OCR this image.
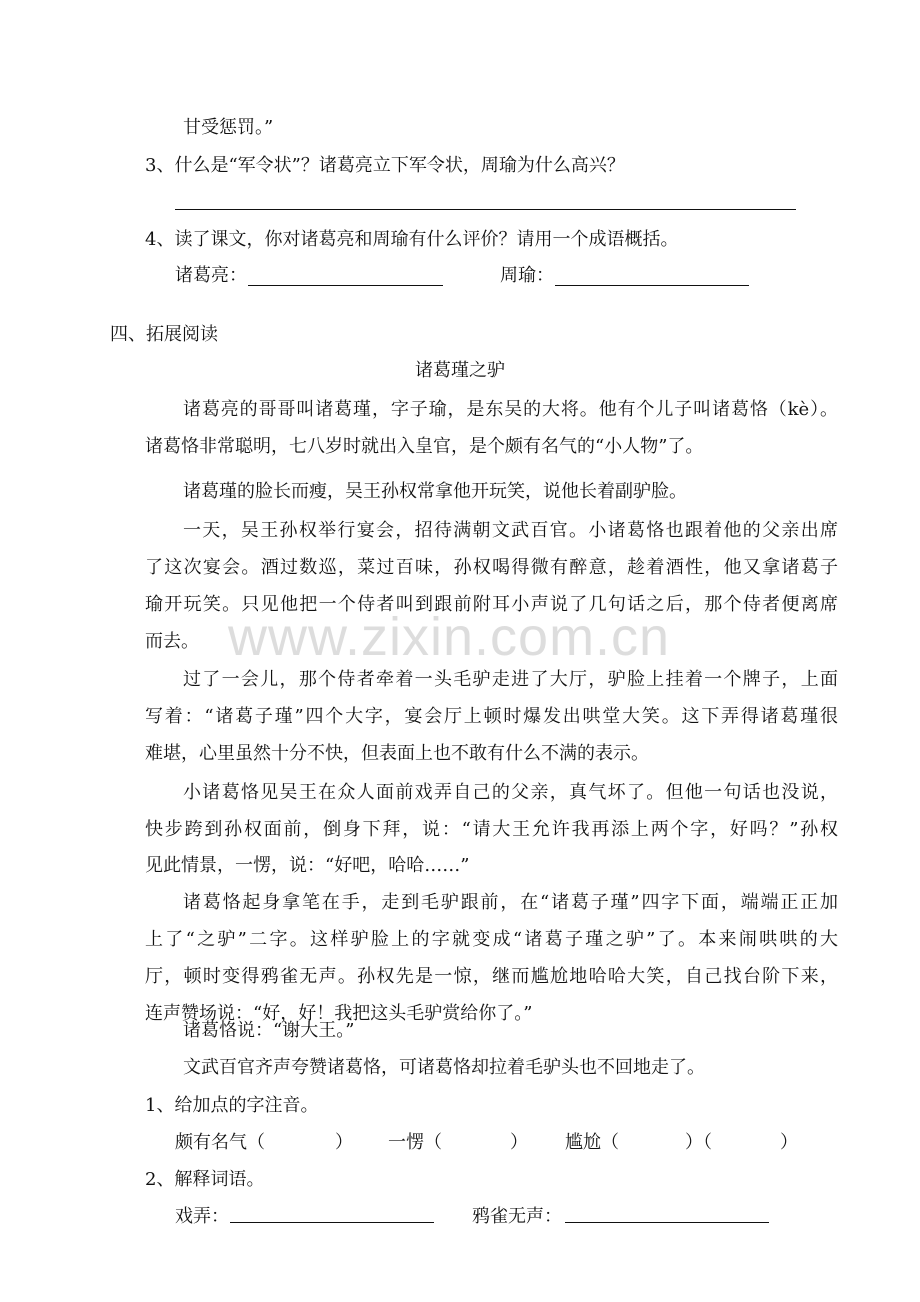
www.zixin.com.cn
甘受惩罚。”
3、什么是“军令状”？诸葛亮立下军令状，周瑜为什么高兴？
4、读了课文，你对诸葛亮和周瑜有什么评价？请用一个成语概括。
诸葛亮：	周瑜：
四、拓展阅读
诸葛瑾之驴
诸葛亮的哥哥叫诸葛瑾，字子瑜，是东吴的大将。他有个儿子叫诸葛恪（kè）。
诸葛恪非常聪明，七八岁时就出入皇官，是个颇有名气的“小人物”了。
诸葛瑾的脸长而瘦，吴王孙权常拿他开玩笑，说他长着副驴脸。
一天，吴王孙权举行宴会，招待满朝文武百官。小诸葛恪也跟着他的父亲出席
了这次宴会。酒过数巡，菜过百味，孙权喝得微有醉意，趁着酒性，他又拿诸葛子
瑜开玩笑。只见他把一个侍者叫到跟前附耳小声说了几句话之后，那个侍者便离席
而去。
过了一会儿，那个侍者牵着一头毛驴走进了大厅，驴脸上挂着一个牌子，上面
写着：“诸葛子瑾”四个大字，宴会厅上顿时爆发出哄堂大笑。这下弄得诸葛瑾很
难堪，心里虽然十分不快，但表面上也不敢有什么不满的表示。
小诸葛恪见吴王在众人面前戏弄自己的父亲，真气坏了。但他一句话也没说，
快步跨到孙权面前，倒身下拜，说：“请大王允许我再添上两个字，好吗？”孙权
见此情景，一愣，说：“好吧，哈哈……”
诸葛恪起身拿笔在手，走到毛驴跟前，在“诸葛子瑾”四字下面，端端正正加
上了“之驴”二字。这样驴脸上的字就变成“诸葛子瑾之驴”了。本来闹哄哄的大
厅，顿时变得鸦雀无声。孙权先是一惊，继而尴尬地哈哈大笑，自己找台阶下来，
连声赞场说：“好，好！我把这头毛驴赏给你了。”
诸葛恪说：“谢大王。”
文武百官齐声夸赞诸葛恪，可诸葛恪却拉着毛驴头也不回地走了。
1、给加点的字注音。
颇有名气（	） 一愣（	） 尴尬（	）（	）
2、解释词语。
戏弄：	鸦雀无声：
